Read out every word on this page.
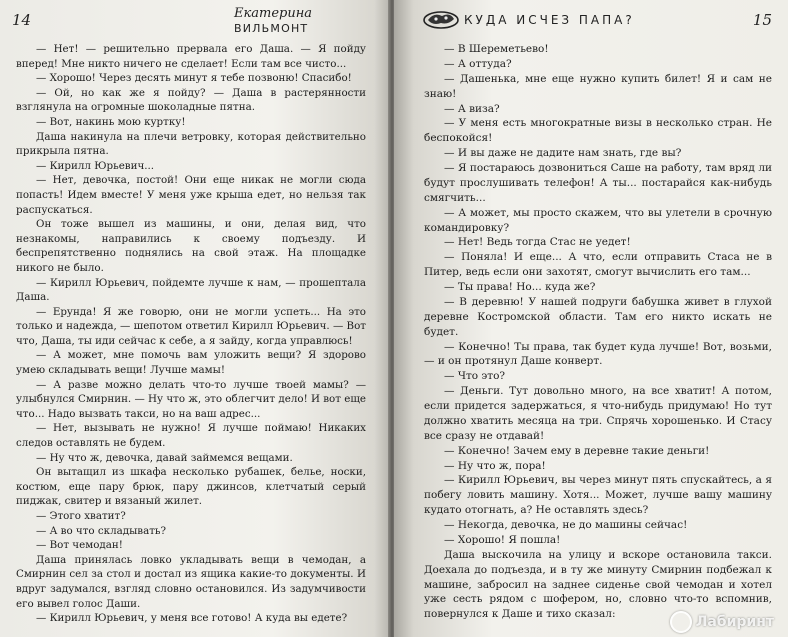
14	Екатерина ВИЛЬМОНТ

— Нет! — решительно прервала его Даша. — Я пойду вперед! Мне никто ничего не сделает! Если там все чисто...

— Хорошо! Через десять минут я тебе позвоню! Спасибо!

— Ой, но как же я пойду? — Даша в растерянности взглянула на огромные шоколадные пятна.

— Вот, накинь мою куртку!

Даша накинула на плечи ветровку, которая действительно прикрыла пятна.

— Кирилл Юрьевич...

— Нет, девочка, постой! Они еще никак не могли сюда попасть! Идем вместе! У меня уже крыша едет, но нельзя так распускаться.

Он тоже вышел из машины, и они, делая вид, что незнакомы, направились к своему подъезду. И беспрепятственно поднялись на свой этаж. На площадке никого не было.

— Кирилл Юрьевич, пойдемте лучше к нам, — прошептала Даша.

— Ерунда! Я же говорю, они не могли успеть... На это только и надежда, — шепотом ответил Кирилл Юрьевич. — Вот что, Даша, ты иди сейчас к себе, а я зайду, когда управлюсь!

— А может, мне помочь вам уложить вещи? Я здорово умею складывать вещи! Лучше мамы!

— А разве можно делать что-то лучше твоей мамы? — улыбнулся Смирнин. — Ну что ж, это облегчит дело! И вот еще что... Надо вызвать такси, но на ваш адрес...

— Нет, вызывать не нужно! Я лучше поймаю! Никаких следов оставлять не будем.

— Ну что ж, девочка, давай займемся вещами.

Он вытащил из шкафа несколько рубашек, белье, носки, костюм, еще пару брюк, пару джинсов, клетчатый серый пиджак, свитер и вязаный жилет.

— Этого хватит?

— А во что складывать?

— Вот чемодан!

Даша принялась ловко укладывать вещи в чемодан, а Смирнин сел за стол и достал из ящика какие-то документы. И вдруг задумался, взгляд словно остановился. Из задумчивости его вывел голос Даши.

— Кирилл Юрьевич, у меня все готово! А куда вы едете?

КУДА ИСЧЕЗ ПАПА?	15

— В Шереметьево!

— А оттуда?

— Дашенька, мне еще нужно купить билет! Я и сам не знаю!

— А виза?

— У меня есть многократные визы в несколько стран. Не беспокойся!

— И вы даже не дадите нам знать, где вы?

— Я постараюсь дозвониться Саше на работу, там вряд ли будут прослушивать телефон! А ты... постарайся как-нибудь смягчить...

— А может, мы просто скажем, что вы улетели в срочную командировку?

— Нет! Ведь тогда Стас не уедет!

— Поняла! И еще... А что, если отправить Стаса не в Питер, ведь если они захотят, смогут вычислить его там...

— Ты права! Но... куда же?

— В деревню! У нашей подруги бабушка живет в глухой деревне Костромской области. Там его никто искать не будет.

— Конечно! Ты права, так будет куда лучше! Вот, возьми, — и он протянул Даше конверт.

— Что это?

— Деньги. Тут довольно много, на все хватит! А потом, если придется задержаться, я что-нибудь придумаю! Но тут должно хватить месяца на три. Спрячь хорошенько. И Стасу все сразу не отдавай!

— Конечно! Зачем ему в деревне такие деньги!

— Ну что ж, пора!

— Кирилл Юрьевич, вы через минут пять спускайтесь, а я побегу ловить машину. Хотя... Может, лучше вашу машину кудато отогнать, а? Не оставлять здесь?

— Некогда, девочка, не до машины сейчас!

— Хорошо! Я пошла!

Даша выскочила на улицу и вскоре остановила такси. Доехала до подъезда, и в ту же минуту Смирнин подбежал к машине, забросил на заднее сиденье свой чемодан и хотел уже сесть рядом с шофером, но, словно что-то вспомнив, повернулся к Даше и тихо сказал:	Лабиринт
